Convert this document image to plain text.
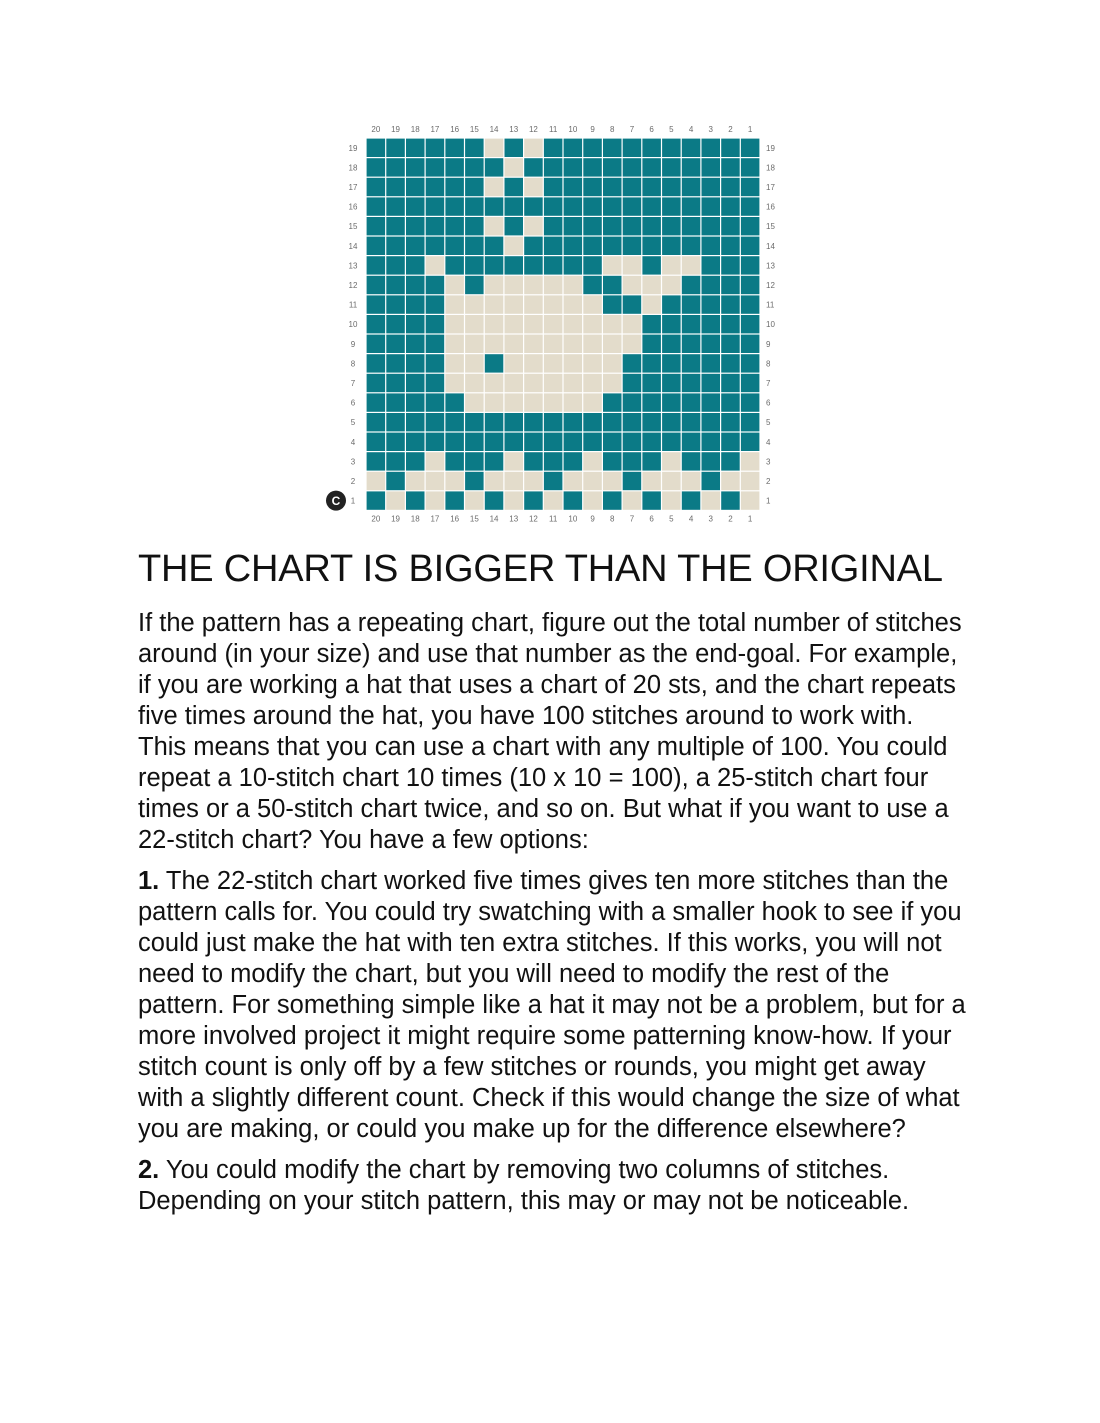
20
20
19
19
18
18
17
17
16
16
15
15
14
14
13
13
12
12
11
11
10
10
9
9
8
8
7
7
6
6
5
5
4
4
3
3
2
2
1
1
19	19
18	18
17	17
16	16
15	15
14	14
13	13
12	12
11	11
10	10
9	9
8	8
7	7
6	6
5	5
4	4
3	3
2	2
1	1
C
THE CHART IS BIGGER THAN THE ORIGINAL

If the pattern has a repeating chart, figure out the total number of stitches around (in your size) and use that number as the end-goal. For example, if you are working a hat that uses a chart of 20 sts, and the chart repeats five times around the hat, you have 100 stitches around to work with. This means that you can use a chart with any multiple of 100. You could repeat a 10-stitch chart 10 times (10 x 10 = 100), a 25-stitch chart four times or a 50-stitch chart twice, and so on. But what if you want to use a 22-stitch chart? You have a few options:

1. The 22-stitch chart worked five times gives ten more stitches than the pattern calls for. You could try swatching with a smaller hook to see if you could just make the hat with ten extra stitches. If this works, you will not need to modify the chart, but you will need to modify the rest of the pattern. For something simple like a hat it may not be a problem, but for a more involved project it might require some patterning know-how. If your stitch count is only off by a few stitches or rounds, you might get away with a slightly different count. Check if this would change the size of what you are making, or could you make up for the difference elsewhere?

2. You could modify the chart by removing two columns of stitches. Depending on your stitch pattern, this may or may not be noticeable.
